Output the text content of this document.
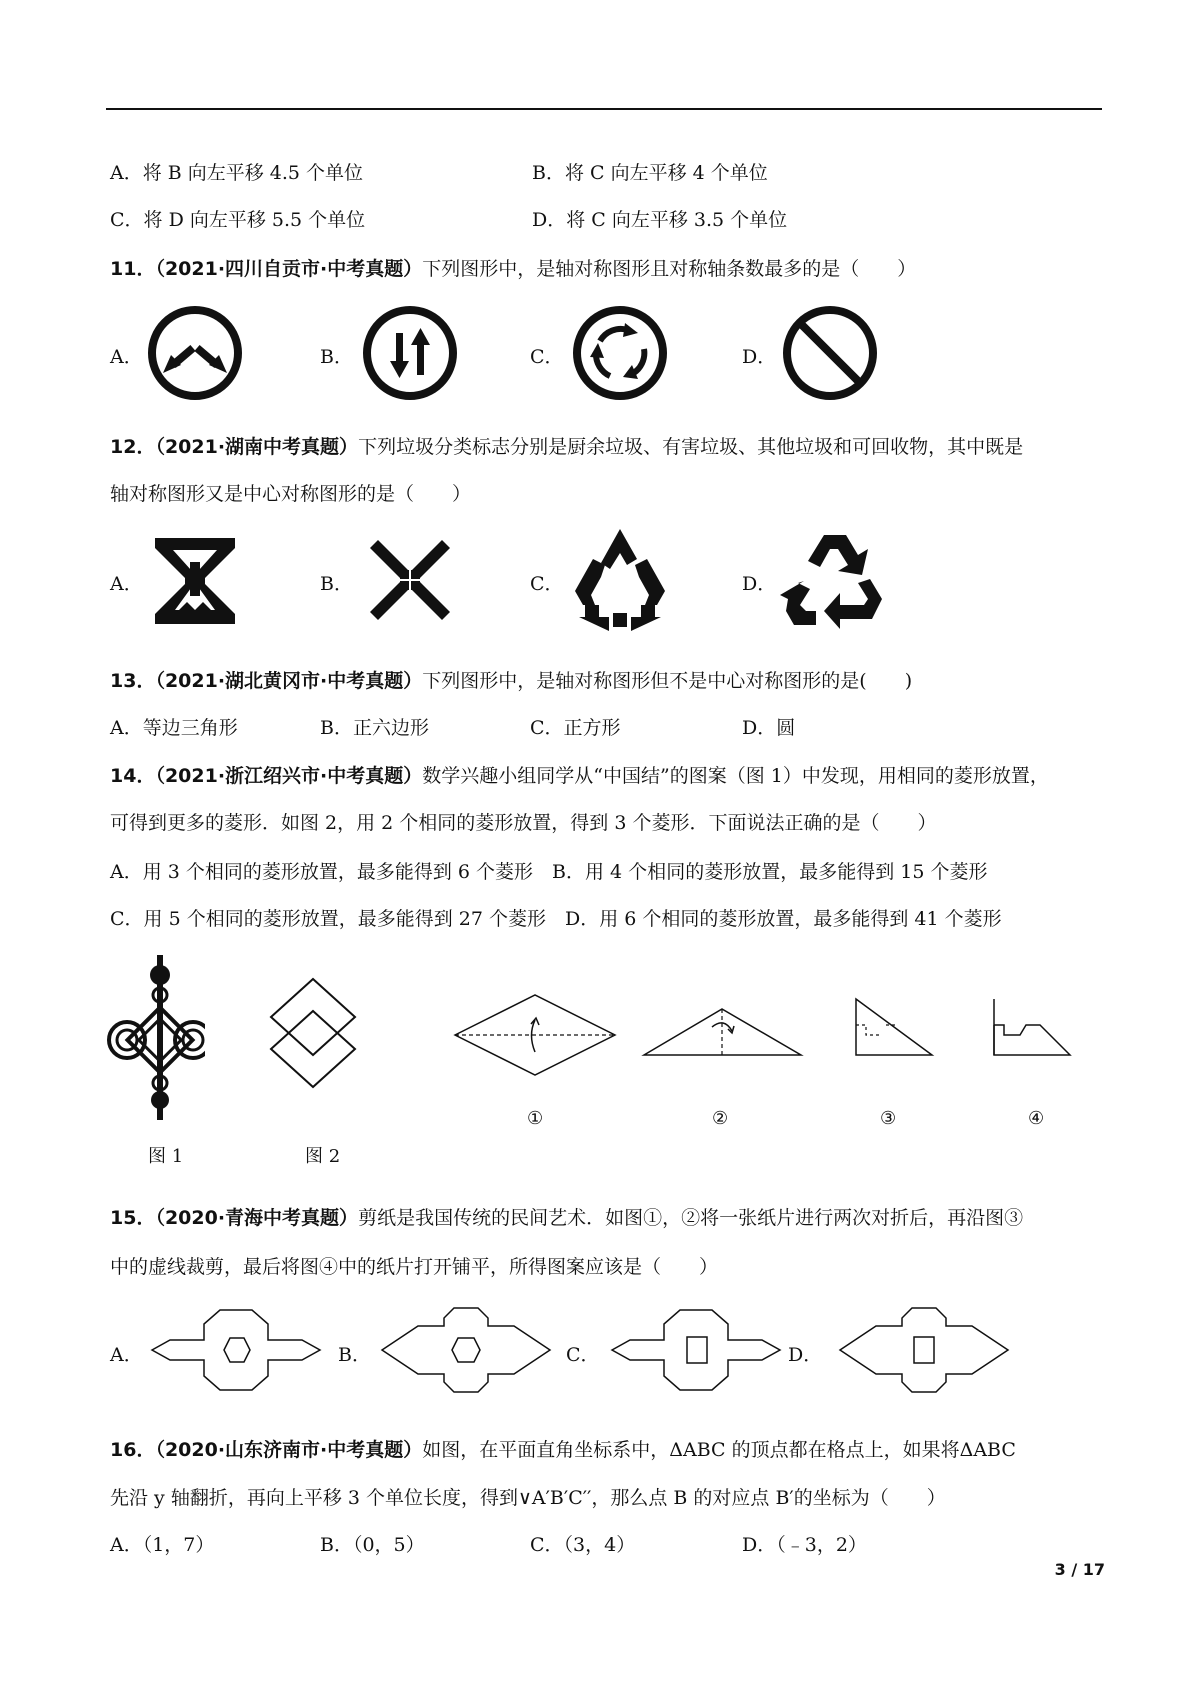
A．将 B 向左平移 4.5 个单位	B．将 C 向左平移 4 个单位
C．将 D 向左平移 5.5 个单位	D．将 C 向左平移 3.5 个单位
11．（2021·四川自贡市·中考真题）下列图形中，是轴对称图形且对称轴条数最多的是（　　）
A．	B．	C．	D．
12．（2021·湖南中考真题）下列垃圾分类标志分别是厨余垃圾、有害垃圾、其他垃圾和可回收物，其中既是
轴对称图形又是中心对称图形的是（　　）
A．	B．	C．	D．
13．（2021·湖北黄冈市·中考真题）下列图形中，是轴对称图形但不是中心对称图形的是(　　)
A．等边三角形	B．正六边形	C．正方形	D．圆
14．（2021·浙江绍兴市·中考真题）数学兴趣小组同学从“中国结”的图案（图 1）中发现，用相同的菱形放置，
可得到更多的菱形．如图 2，用 2 个相同的菱形放置，得到 3 个菱形．下面说法正确的是（　　）
A．用 3 个相同的菱形放置，最多能得到 6 个菱形　B．用 4 个相同的菱形放置，最多能得到 15 个菱形
C．用 5 个相同的菱形放置，最多能得到 27 个菱形　D．用 6 个相同的菱形放置，最多能得到 41 个菱形
图 1	图 2
①	②	③	④
15．（2020·青海中考真题）剪纸是我国传统的民间艺术．如图①，②将一张纸片进行两次对折后，再沿图③
中的虚线裁剪，最后将图④中的纸片打开铺平，所得图案应该是（　　）
A．	B．	C．	D．
16．（2020·山东济南市·中考真题）如图，在平面直角坐标系中，ΔABC 的顶点都在格点上，如果将ΔABC
先沿 y 轴翻折，再向上平移 3 个单位长度，得到∨A′B′C′′，那么点 B 的对应点 B′的坐标为（　　）
A．（1，7）	B．（0，5）	C．（3，4）	D．（﹣3，2）
3 / 17
